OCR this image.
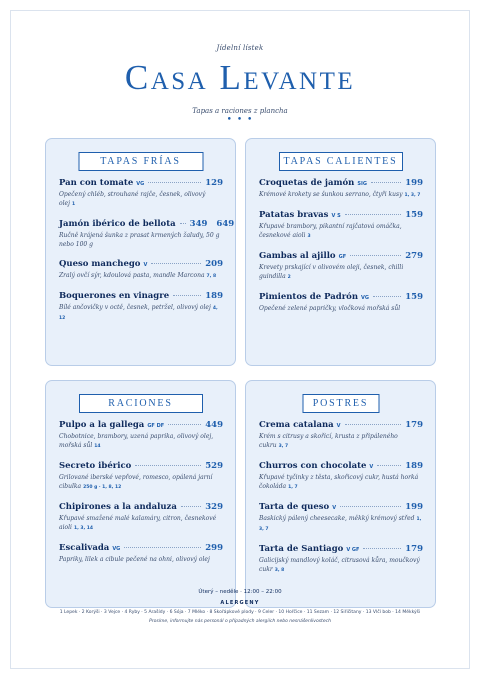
Jídelní lístek
Casa Levante
Tapas a raciones z plancha
• • •
TAPAS FRÍAS
Pan con tomate VG	129
Opečený chléb, strouhané rajče, česnek, olivový olej 1
Jamón ibérico de bellota 349 649
Ručně krájená šunka z prasat krmených žaludy, 50 g nebo 100 g
Queso manchego V	209
Zralý ovčí sýr, kdoulová pasta, mandle Marcona 7, 8
Boquerones en vinagre	189
Bílé ančovičky v octě, česnek, petržel, olivový olej 4, 12
TAPAS CALIENTES
Croquetas de jamón SIG	199
Krémové krokety se šunkou serrano, čtyři kusy 1, 3, 7
Patatas bravas V S	159
Křupavé brambory, pikantní rajčatová omáčka, česnekové aioli 3
Gambas al ajillo GF	279
Krevety prskající v olivovém oleji, česnek, chilli guindilla 2
Pimientos de Padrón VG	159
Opečené zelené papričky, vločková mořská sůl
RACIONES
Pulpo a la gallega GF DF	449
Chobotnice, brambory, uzená paprika, olivový olej, mořská sůl 14
Secreto ibérico	529
Grilované iberské vepřové, romesco, opálená jarní cibulka 250 g · 1, 8, 12
Chipirones a la andaluza	329
Křupavé smažené malé kalamáry, citron, česnekové aioli 1, 3, 14
Escalivada VG	299
Papriky, lilek a cibule pečené na ohni, olivový olej
POSTRES
Crema catalana V	179
Krém s citrusy a skořicí, krusta z připáleného cukru 3, 7
Churros con chocolate V	189
Křupavé tyčinky z těsta, skořicový cukr, hustá horká čokoláda 1, 7
Tarta de queso V	199
Baskický pálený cheesecake, měkký krémový střed 1, 3, 7
Tarta de Santiago V GF	179
Galicijský mandlový koláč, citrusová kůra, moučkový cukr 3, 8
Úterý – neděle · 12:00 – 22:00
ALERGENY
1 Lepek · 2 Korýši · 3 Vejce · 4 Ryby · 5 Arašídy · 6 Sója · 7 Mléko · 8 Skořápkové plody · 9 Celer · 10 Hořčice · 11 Sezam · 12 Siřičitany · 13 Vlčí bob · 14 Měkkýši
Prosíme, informujte nás personál o případných alergiích nebo nesnášenlivostech
